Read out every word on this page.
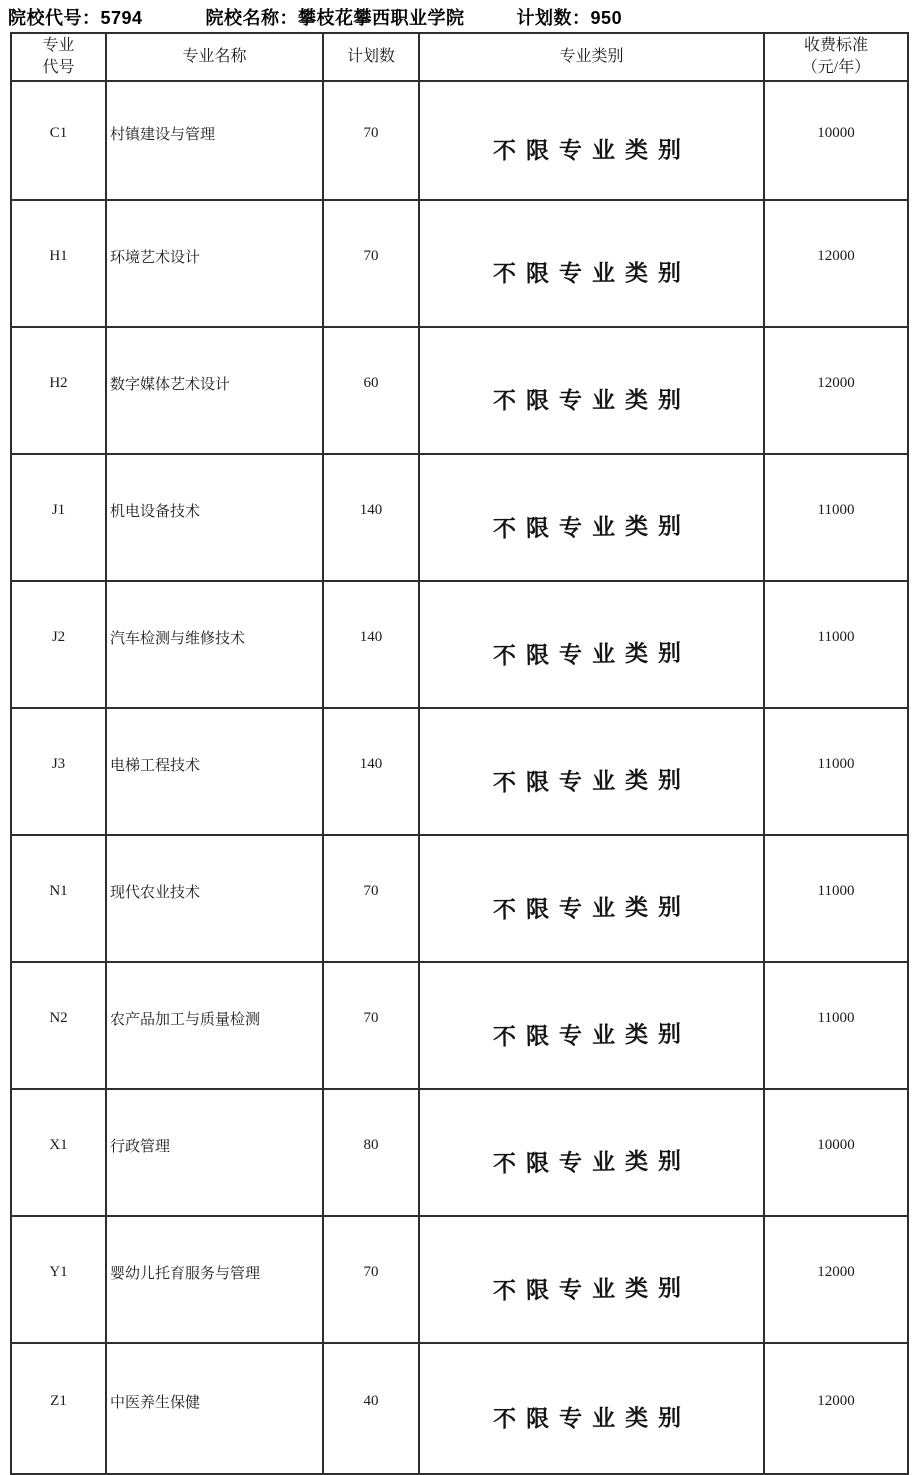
院校代号：5794	院校名称：攀枝花攀西职业学院	计划数：950
专业
代号	专业名称	计划数	专业类别	收费标准
（元/年）

C1	村镇建设与管理	70	不限专业类别	10000
H1	环境艺术设计	70	不限专业类别	12000
H2	数字媒体艺术设计	60	不限专业类别	12000
J1	机电设备技术	140	不限专业类别	11000
J2	汽车检测与维修技术	140	不限专业类别	11000
J3	电梯工程技术	140	不限专业类别	11000
N1	现代农业技术	70	不限专业类别	11000
N2	农产品加工与质量检测	70	不限专业类别	11000
X1	行政管理	80	不限专业类别	10000
Y1	婴幼儿托育服务与管理	70	不限专业类别	12000
Z1	中医养生保健	40	不限专业类别	12000
